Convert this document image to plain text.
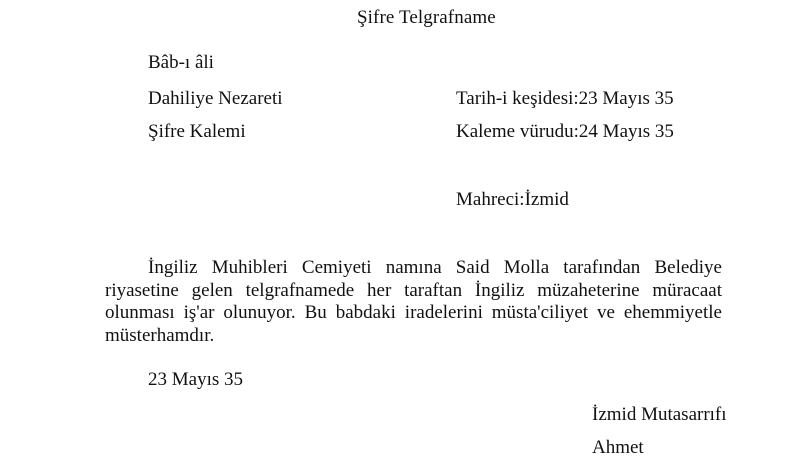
Şifre Telgrafname
Bâb-ı âli
Dahiliye Nezareti
Şifre Kalemi
Tarih-i keşidesi:23 Mayıs 35
Kaleme vürudu:24 Mayıs 35
Mahreci:İzmid

İngiliz Muhibleri Cemiyeti namına Said Molla tarafından Belediye riyasetine gelen telgrafnamede her taraftan İngiliz müzaheterine müracaat olunması iş'ar olunuyor. Bu babdaki iradelerini müsta'ciliyet ve ehemmiyetle müsterhamdır.

23 Mayıs 35
İzmid Mutasarrıfı
Ahmet
